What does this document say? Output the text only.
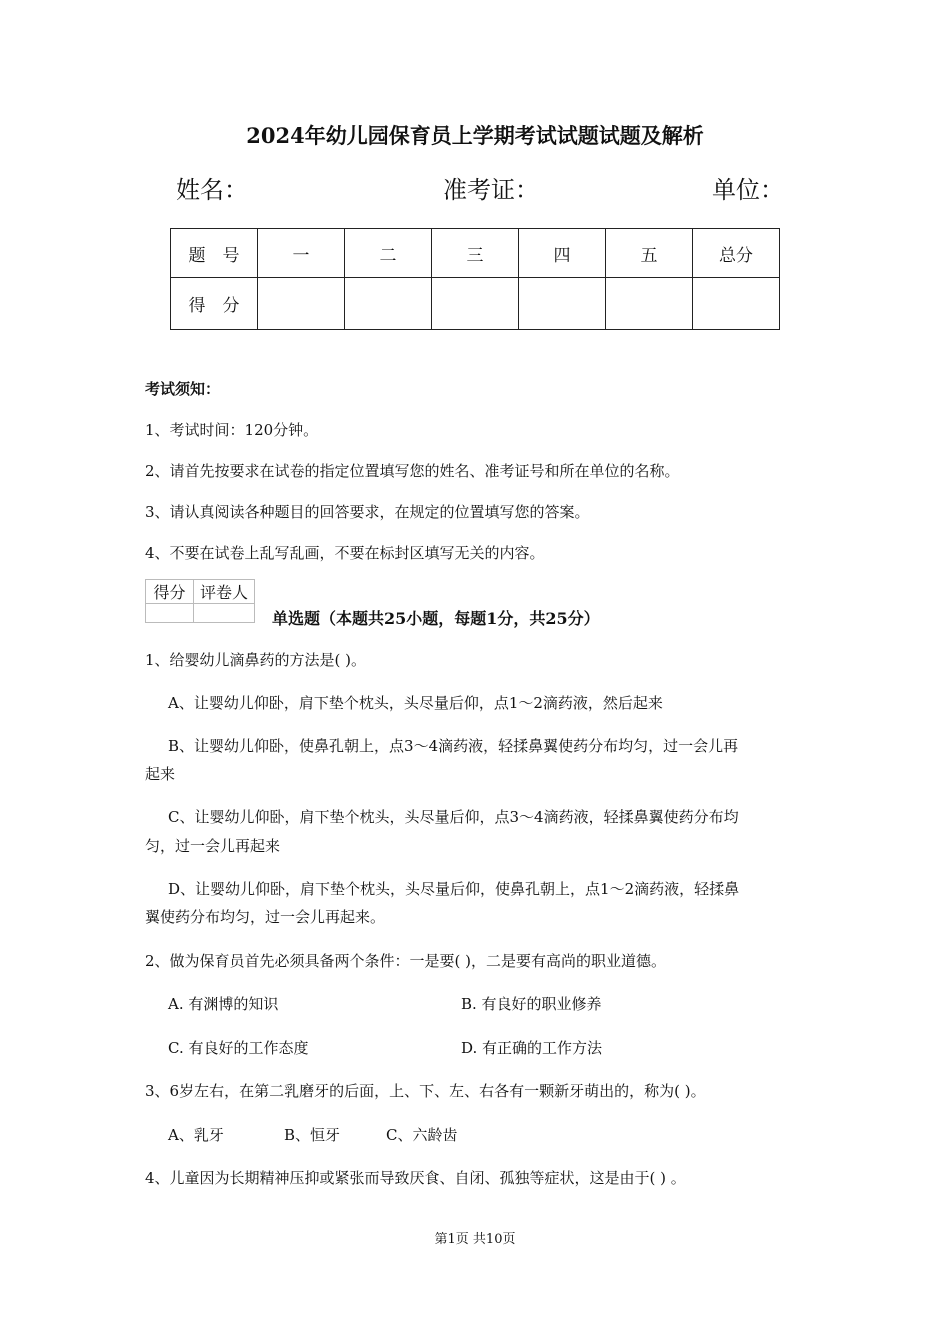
2024年幼儿园保育员上学期考试试题试题及解析
姓名：	准考证：	单位：
题　号	一	二	三	四	五	总分
得　分						
考试须知：
1、考试时间：120分钟。
2、请首先按要求在试卷的指定位置填写您的姓名、准考证号和所在单位的名称。
3、请认真阅读各种题目的回答要求，在规定的位置填写您的答案。
4、不要在试卷上乱写乱画，不要在标封区填写无关的内容。
得分	评卷人

单选题（本题共25小题，每题1分，共25分）
1、给婴幼儿滴鼻药的方法是( )。
A、让婴幼儿仰卧，肩下垫个枕头，头尽量后仰，点1～2滴药液，然后起来
B、让婴幼儿仰卧，使鼻孔朝上，点3～4滴药液，轻揉鼻翼使药分布均匀，过一会儿再
起来
C、让婴幼儿仰卧，肩下垫个枕头，头尽量后仰，点3～4滴药液，轻揉鼻翼使药分布均
匀，过一会儿再起来
D、让婴幼儿仰卧，肩下垫个枕头，头尽量后仰，使鼻孔朝上，点1～2滴药液，轻揉鼻
翼使药分布均匀，过一会儿再起来。
2、做为保育员首先必须具备两个条件：一是要( )，二是要有高尚的职业道德。
A. 有渊博的知识	B. 有良好的职业修养
C. 有良好的工作态度	D. 有正确的工作方法
3、6岁左右，在第二乳磨牙的后面，上、下、左、右各有一颗新牙萌出的，称为( )。
A、乳牙	B、恒牙	C、六龄齿
4、儿童因为长期精神压抑或紧张而导致厌食、自闭、孤独等症状，这是由于( ) 。
第1页 共10页
